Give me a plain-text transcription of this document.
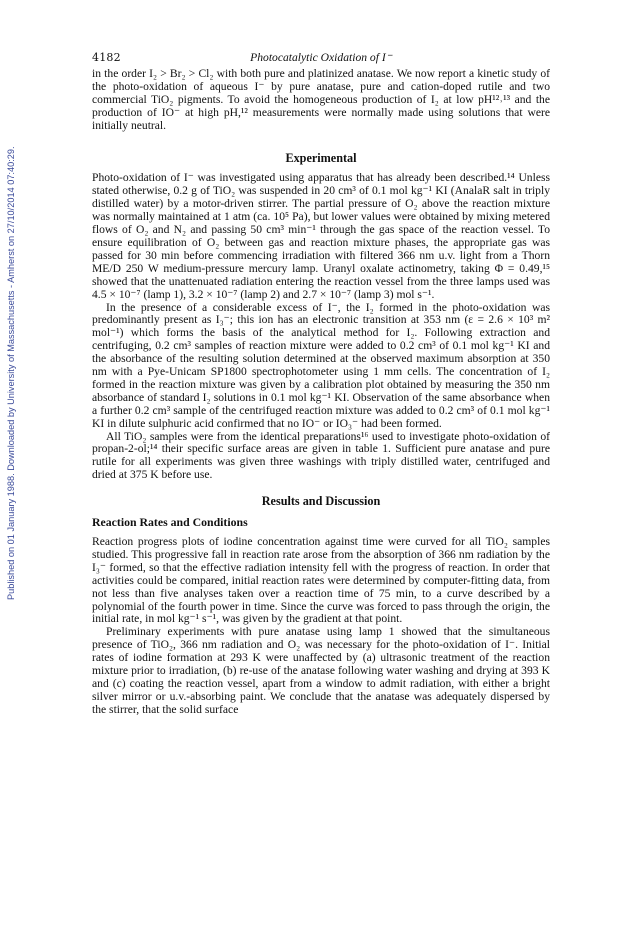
Published on 01 January 1988. Downloaded by University of Massachusetts - Amherst on 27/10/2014 07:40:29.
4182	Photocatalytic Oxidation of I⁻

in the order I₂ > Br₂ > Cl₂ with both pure and platinized anatase. We now report a kinetic study of the photo-oxidation of aqueous I⁻ by pure anatase, pure and cation-doped rutile and two commercial TiO₂ pigments. To avoid the homogeneous production of I₂ at low pH¹²˒¹³ and the production of IO⁻ at high pH,¹² measurements were normally made using solutions that were initially neutral.

Experimental

Photo-oxidation of I⁻ was investigated using apparatus that has already been described.¹⁴ Unless stated otherwise, 0.2 g of TiO₂ was suspended in 20 cm³ of 0.1 mol kg⁻¹ KI (AnalaR salt in triply distilled water) by a motor-driven stirrer. The partial pressure of O₂ above the reaction mixture was normally maintained at 1 atm (ca. 10⁵ Pa), but lower values were obtained by mixing metered flows of O₂ and N₂ and passing 50 cm³ min⁻¹ through the gas space of the reaction vessel. To ensure equilibration of O₂ between gas and reaction mixture phases, the appropriate gas was passed for 30 min before commencing irradiation with filtered 366 nm u.v. light from a Thorn ME/D 250 W medium-pressure mercury lamp. Uranyl oxalate actinometry, taking Φ = 0.49,¹⁵ showed that the unattenuated radiation entering the reaction vessel from the three lamps used was 4.5 × 10⁻⁷ (lamp 1), 3.2 × 10⁻⁷ (lamp 2) and 2.7 × 10⁻⁷ (lamp 3) mol s⁻¹.

In the presence of a considerable excess of I⁻, the I₂ formed in the photo-oxidation was predominantly present as I₃⁻; this ion has an electronic transition at 353 nm (ε = 2.6 × 10³ m² mol⁻¹) which forms the basis of the analytical method for I₂. Following extraction and centrifuging, 0.2 cm³ samples of reaction mixture were added to 0.2 cm³ of 0.1 mol kg⁻¹ KI and the absorbance of the resulting solution determined at the observed maximum absorption at 350 nm with a Pye-Unicam SP1800 spectrophotometer using 1 mm cells. The concentration of I₂ formed in the reaction mixture was given by a calibration plot obtained by measuring the 350 nm absorbance of standard I₂ solutions in 0.1 mol kg⁻¹ KI. Observation of the same absorbance when a further 0.2 cm³ sample of the centrifuged reaction mixture was added to 0.2 cm³ of 0.1 mol kg⁻¹ KI in dilute sulphuric acid confirmed that no IO⁻ or IO₃⁻ had been formed.

All TiO₂ samples were from the identical preparations¹⁶ used to investigate photo-oxidation of propan-2-ol;¹⁴ their specific surface areas are given in table 1. Sufficient pure anatase and pure rutile for all experiments was given three washings with triply distilled water, centrifuged and dried at 375 K before use.

Results and Discussion
Reaction Rates and Conditions

Reaction progress plots of iodine concentration against time were curved for all TiO₂ samples studied. This progressive fall in reaction rate arose from the absorption of 366 nm radiation by the I₃⁻ formed, so that the effective radiation intensity fell with the progress of reaction. In order that activities could be compared, initial reaction rates were determined by computer-fitting data, from not less than five analyses taken over a reaction time of 75 min, to a curve described by a polynomial of the fourth power in time. Since the curve was forced to pass through the origin, the initial rate, in mol kg⁻¹ s⁻¹, was given by the gradient at that point.

Preliminary experiments with pure anatase using lamp 1 showed that the simultaneous presence of TiO₂, 366 nm radiation and O₂ was necessary for the photo-oxidation of I⁻. Initial rates of iodine formation at 293 K were unaffected by (a) ultrasonic treatment of the reaction mixture prior to irradiation, (b) re-use of the anatase following water washing and drying at 393 K and (c) coating the reaction vessel, apart from a window to admit radiation, with either a bright silver mirror or u.v.-absorbing paint. We conclude that the anatase was adequately dispersed by the stirrer, that the solid surface
